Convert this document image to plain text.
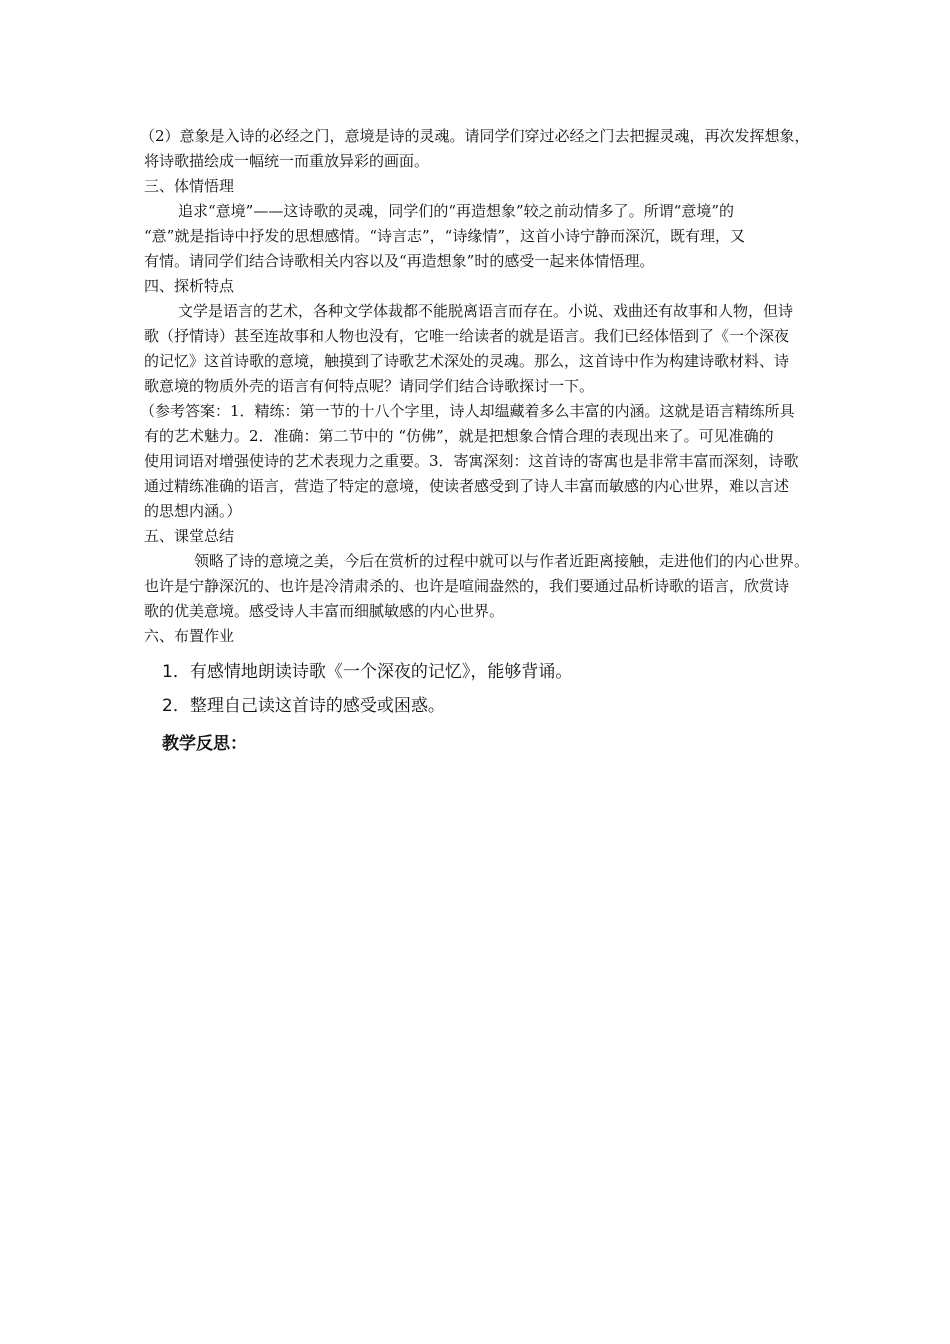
（2）意象是入诗的必经之门，意境是诗的灵魂。请同学们穿过必经之门去把握灵魂，再次发挥想象，
将诗歌描绘成一幅统一而重放异彩的画面。
三、体情悟理
追求“意境”——这诗歌的灵魂，同学们的“再造想象”较之前动情多了。所谓“意境”的
“意”就是指诗中抒发的思想感情。“诗言志”，“诗缘情”，这首小诗宁静而深沉，既有理，又
有情。请同学们结合诗歌相关内容以及“再造想象”时的感受一起来体情悟理。
四、探析特点
文学是语言的艺术，各种文学体裁都不能脱离语言而存在。小说、戏曲还有故事和人物，但诗
歌（抒情诗）甚至连故事和人物也没有，它唯一给读者的就是语言。我们已经体悟到了《一个深夜
的记忆》这首诗歌的意境，触摸到了诗歌艺术深处的灵魂。那么，这首诗中作为构建诗歌材料、诗
歌意境的物质外壳的语言有何特点呢？请同学们结合诗歌探讨一下。
（参考答案：1．精练：第一节的十八个字里，诗人却缊藏着多么丰富的内涵。这就是语言精练所具
有的艺术魅力。2．准确：第二节中的 “仿佛”，就是把想象合情合理的表现出来了。可见准确的
使用词语对增强使诗的艺术表现力之重要。3．寄寓深刻：这首诗的寄寓也是非常丰富而深刻，诗歌
通过精练准确的语言，营造了特定的意境，使读者感受到了诗人丰富而敏感的内心世界，难以言述
的思想内涵。）
五、课堂总结
领略了诗的意境之美，今后在赏析的过程中就可以与作者近距离接触，走进他们的内心世界。
也许是宁静深沉的、也许是冷清肃杀的、也许是喧闹盎然的，我们要通过品析诗歌的语言，欣赏诗
歌的优美意境。感受诗人丰富而细腻敏感的内心世界。
六、布置作业
1．有感情地朗读诗歌《一个深夜的记忆》，能够背诵。
2．整理自己读这首诗的感受或困惑。
教学反思：
